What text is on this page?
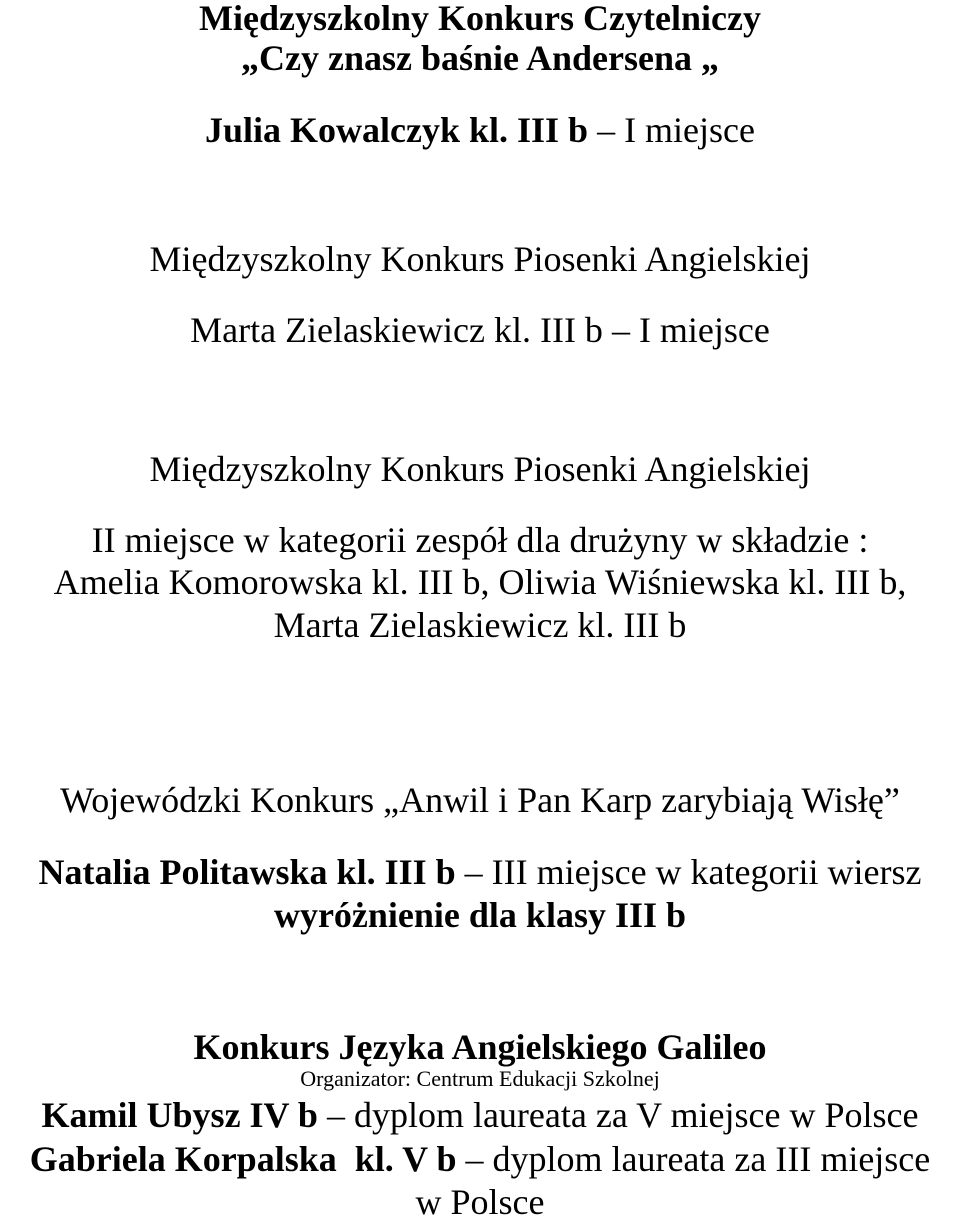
Międzyszkolny Konkurs Czytelniczy
„Czy znasz baśnie Andersena „
Julia Kowalczyk kl. III b – I miejsce
Międzyszkolny Konkurs Piosenki Angielskiej
Marta Zielaskiewicz kl. III b – I miejsce
Międzyszkolny Konkurs Piosenki Angielskiej
II miejsce w kategorii zespół dla drużyny w składzie :
Amelia Komorowska kl. III b, Oliwia Wiśniewska kl. III b,
Marta Zielaskiewicz kl. III b
Wojewódzki Konkurs „Anwil i Pan Karp zarybiają Wisłę”
Natalia Politawska kl. III b – III miejsce w kategorii wiersz
wyróżnienie dla klasy III b
Konkurs Języka Angielskiego Galileo
Organizator: Centrum Edukacji Szkolnej
Kamil Ubysz IV b – dyplom laureata za V miejsce w Polsce
Gabriela Korpalska  kl. V b – dyplom laureata za III miejsce
w Polsce
